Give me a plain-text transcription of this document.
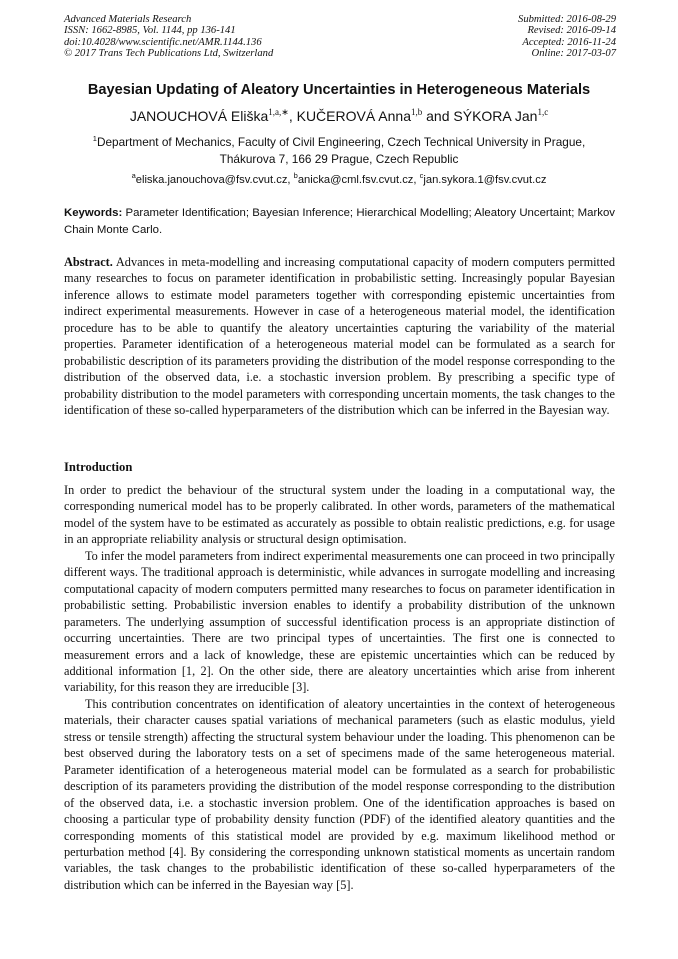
Advanced Materials Research
ISSN: 1662-8985, Vol. 1144, pp 136-141
doi:10.4028/www.scientific.net/AMR.1144.136
© 2017 Trans Tech Publications Ltd, Switzerland
Submitted: 2016-08-29
Revised: 2016-09-14
Accepted: 2016-11-24
Online: 2017-03-07
Bayesian Updating of Aleatory Uncertainties in Heterogeneous Materials
JANOUCHOVÁ Eliška$^{1,a,∗}$, KUČEROVÁ Anna$^{1,b}$ and SÝKORA Jan$^{1,c}$
$^1$Department of Mechanics, Faculty of Civil Engineering, Czech Technical University in Prague,
Thákurova 7, 166 29 Prague, Czech Republic
$^a$eliska.janouchova@fsv.cvut.cz, $^b$anicka@cml.fsv.cvut.cz, $^c$jan.sykora.1@fsv.cvut.cz
Keywords: Parameter Identification; Bayesian Inference; Hierarchical Modelling; Aleatory Uncertaint; Markov Chain Monte Carlo.
Abstract. Advances in meta-modelling and increasing computational capacity of modern computers permitted many researches to focus on parameter identification in probabilistic setting. Increasingly popular Bayesian inference allows to estimate model parameters together with corresponding epistemic uncertainties from indirect experimental measurements. However in case of a heterogeneous material model, the identification procedure has to be able to quantify the aleatory uncertainties capturing the variability of the material properties. Parameter identification of a heterogeneous material model can be formulated as a search for probabilistic description of its parameters providing the distribution of the model response corresponding to the distribution of the observed data, i.e. a stochastic inversion problem. By prescribing a specific type of probability distribution to the model parameters with corresponding uncertain moments, the task changes to the identification of these so-called hyperparameters of the distribution which can be inferred in the Bayesian way.
Introduction

In order to predict the behaviour of the structural system under the loading in a computational way, the corresponding numerical model has to be properly calibrated. In other words, parameters of the mathematical model of the system have to be estimated as accurately as possible to obtain realistic predictions, e.g. for usage in an appropriate reliability analysis or structural design optimisation.

To infer the model parameters from indirect experimental measurements one can proceed in two principally different ways. The traditional approach is deterministic, while advances in surrogate modelling and increasing computational capacity of modern computers permitted many researches to focus on parameter identification in probabilistic setting. Probabilistic inversion enables to identify a probability distribution of the unknown parameters. The underlying assumption of successful identification process is an appropriate distinction of occurring uncertainties. There are two principal types of uncertainties. The first one is connected to measurement errors and a lack of knowledge, these are epistemic uncertainties which can be reduced by additional information [1, 2]. On the other side, there are aleatory uncertainties which arise from inherent variability, for this reason they are irreducible [3].

This contribution concentrates on identification of aleatory uncertainties in the context of heterogeneous materials, their character causes spatial variations of mechanical parameters (such as elastic modulus, yield stress or tensile strength) affecting the structural system behaviour under the loading. This phenomenon can be best observed during the laboratory tests on a set of specimens made of the same heterogeneous material. Parameter identification of a heterogeneous material model can be formulated as a search for probabilistic description of its parameters providing the distribution of the model response corresponding to the distribution of the observed data, i.e. a stochastic inversion problem. One of the identification approaches is based on choosing a particular type of probability density function (PDF) of the identified aleatory quantities and the corresponding moments of this statistical model are provided by e.g. maximum likelihood method or perturbation method [4]. By considering the corresponding unknown statistical moments as uncertain random variables, the task changes to the probabilistic identification of these so-called hyperparameters of the distribution which can be inferred in the Bayesian way [5].
